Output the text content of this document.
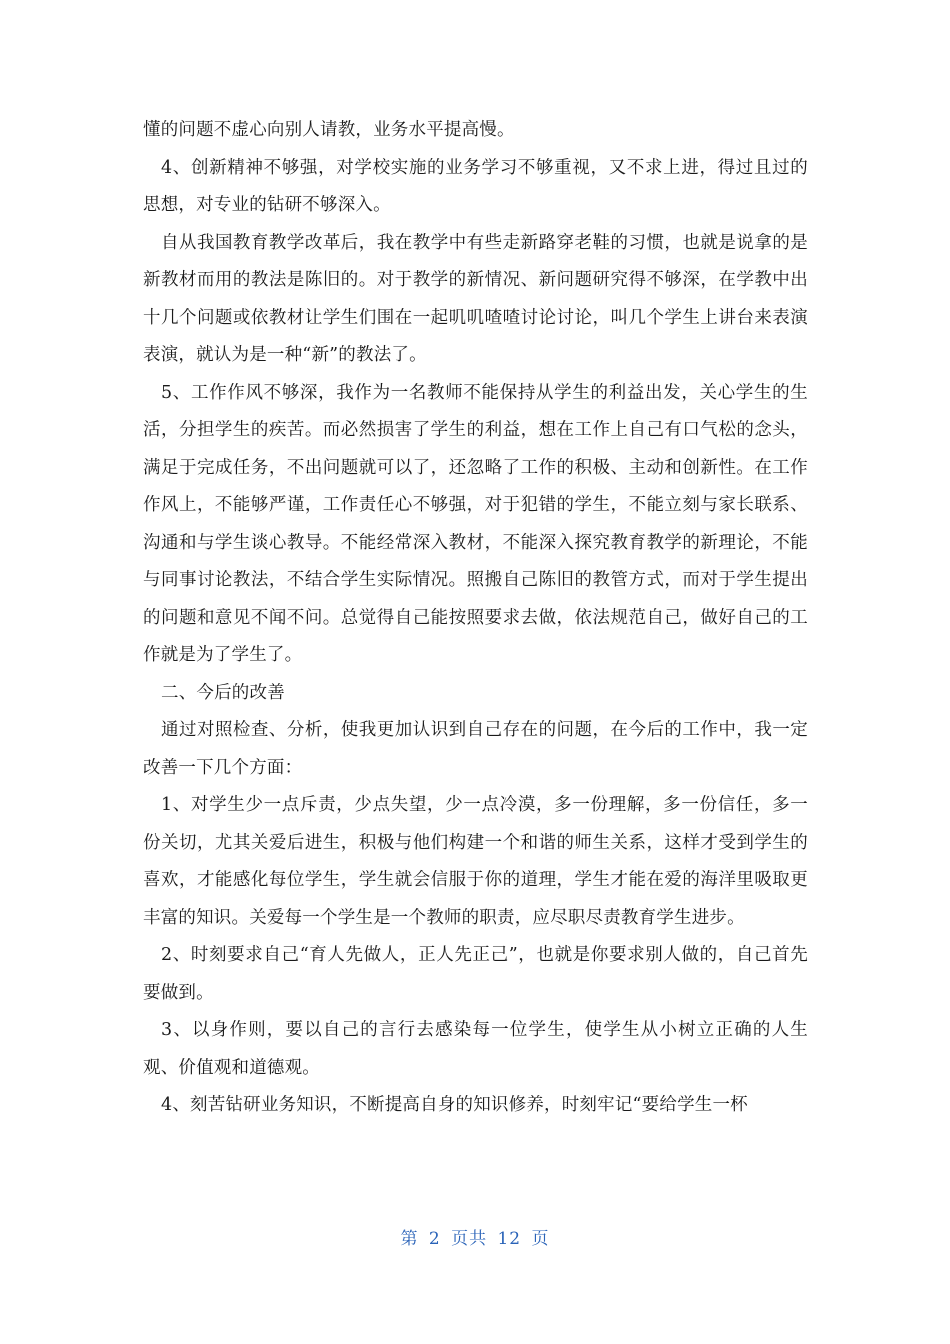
懂的问题不虚心向别人请教，业务水平提高慢。

4、创新精神不够强，对学校实施的业务学习不够重视，又不求上进，得过且过的思想，对专业的钻研不够深入。

自从我国教育教学改革后，我在教学中有些走新路穿老鞋的习惯，也就是说拿的是新教材而用的教法是陈旧的。对于教学的新情况、新问题研究得不够深，在学教中出十几个问题或依教材让学生们围在一起叽叽喳喳讨论讨论，叫几个学生上讲台来表演表演，就认为是一种“新”的教法了。

5、工作作风不够深，我作为一名教师不能保持从学生的利益出发，关心学生的生活，分担学生的疾苦。而必然损害了学生的利益，想在工作上自己有口气松的念头，满足于完成任务，不出问题就可以了，还忽略了工作的积极、主动和创新性。在工作作风上，不能够严谨，工作责任心不够强，对于犯错的学生，不能立刻与家长联系、沟通和与学生谈心教导。不能经常深入教材，不能深入探究教育教学的新理论，不能与同事讨论教法，不结合学生实际情况。照搬自己陈旧的教管方式，而对于学生提出的问题和意见不闻不问。总觉得自己能按照要求去做，依法规范自己，做好自己的工作就是为了学生了。

二、今后的改善

通过对照检查、分析，使我更加认识到自己存在的问题，在今后的工作中，我一定改善一下几个方面：

1、对学生少一点斥责，少点失望，少一点冷漠，多一份理解，多一份信任，多一份关切，尤其关爱后进生，积极与他们构建一个和谐的师生关系，这样才受到学生的喜欢，才能感化每位学生，学生就会信服于你的道理，学生才能在爱的海洋里吸取更丰富的知识。关爱每一个学生是一个教师的职责，应尽职尽责教育学生进步。

2、时刻要求自己“育人先做人，正人先正己”，也就是你要求别人做的，自己首先要做到。

3、以身作则，要以自己的言行去感染每一位学生，使学生从小树立正确的人生观、价值观和道德观。

4、刻苦钻研业务知识，不断提高自身的知识修养，时刻牢记“要给学生一杯

第 2 页共 12 页
